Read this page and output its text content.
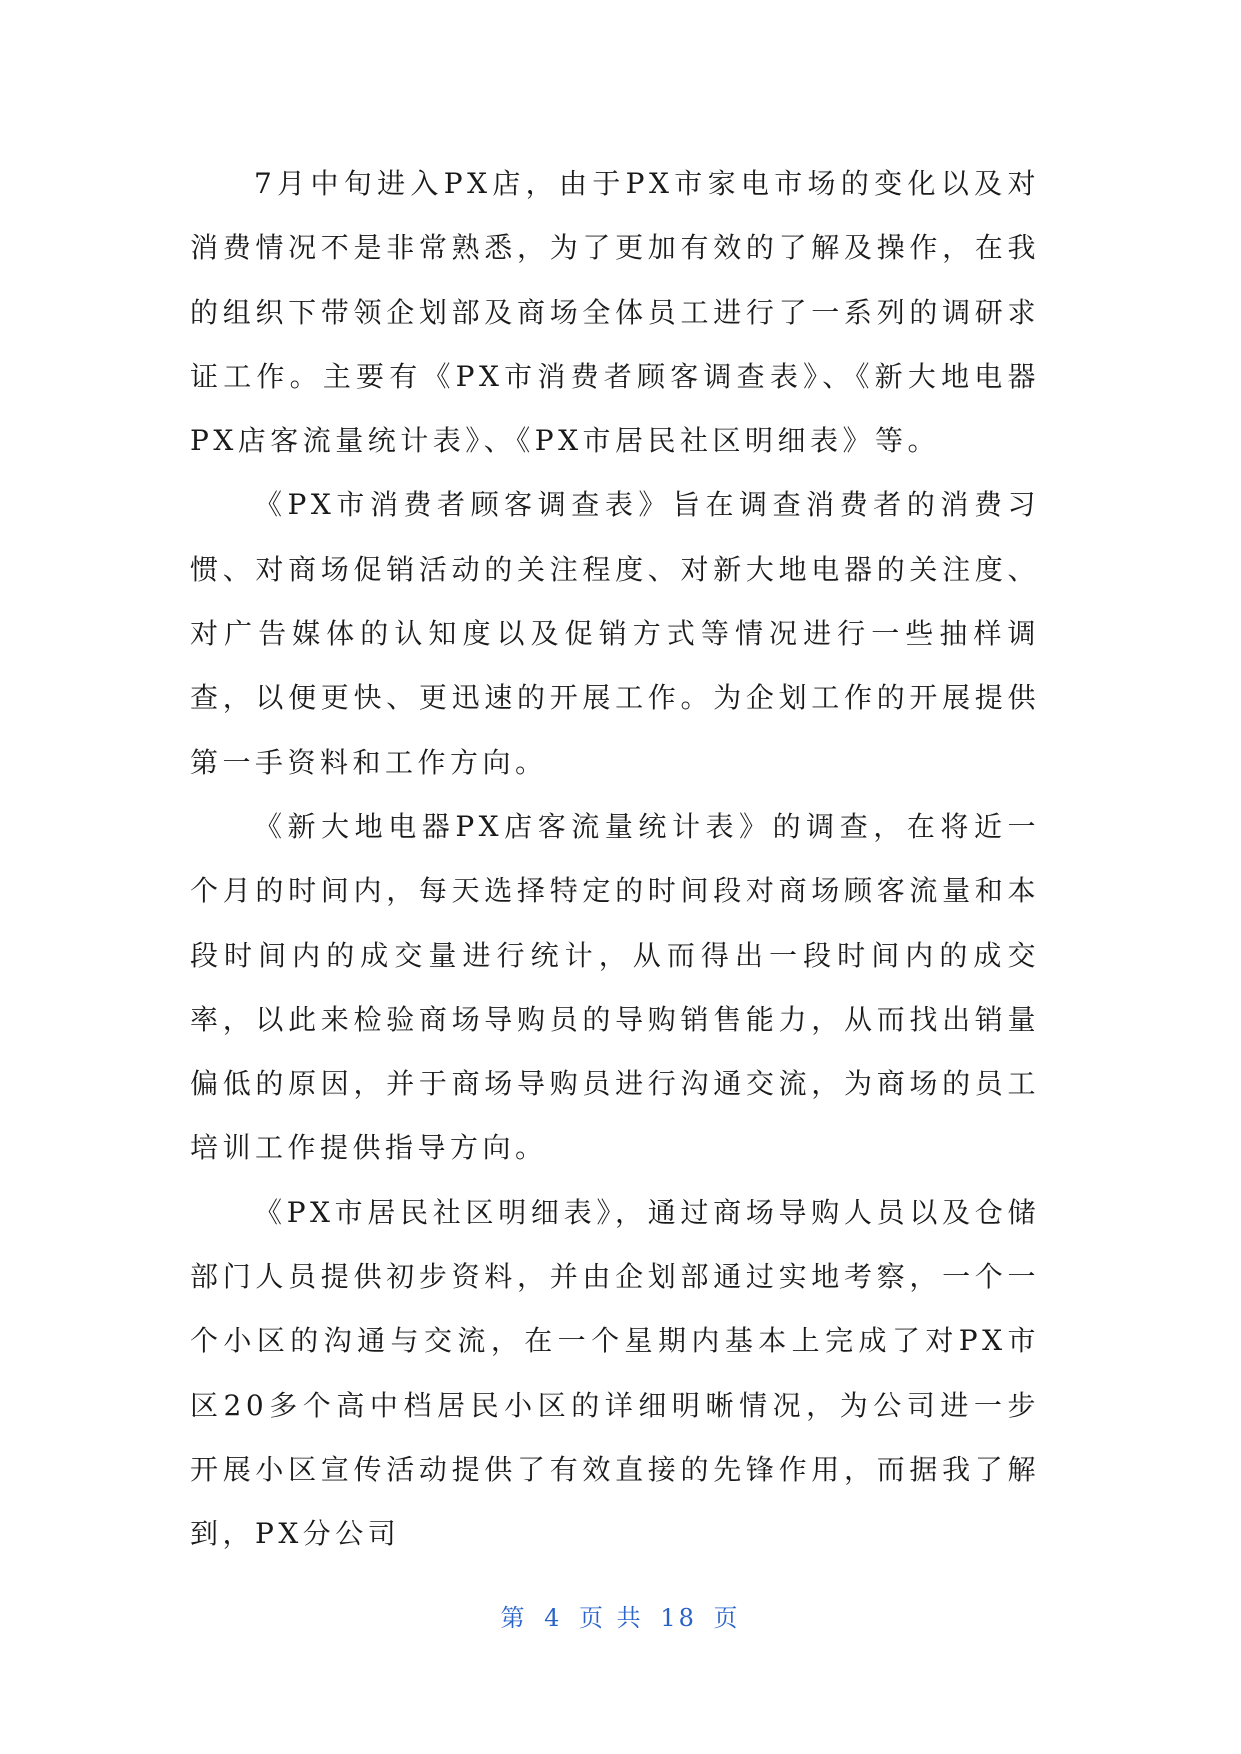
7月中旬进入PX店，由于PX市家电市场的变化以及对消费情况不是非常熟悉，为了更加有效的了解及操作，在我的组织下带领企划部及商场全体员工进行了一系列的调研求证工作。主要有《PX市消费者顾客调查表》、《新大地电器PX店客流量统计表》、《PX市居民社区明细表》等。

《PX市消费者顾客调查表》旨在调查消费者的消费习惯、对商场促销活动的关注程度、对新大地电器的关注度、对广告媒体的认知度以及促销方式等情况进行一些抽样调查，以便更快、更迅速的开展工作。为企划工作的开展提供第一手资料和工作方向。

《新大地电器PX店客流量统计表》的调查，在将近一个月的时间内，每天选择特定的时间段对商场顾客流量和本段时间内的成交量进行统计，从而得出一段时间内的成交率，以此来检验商场导购员的导购销售能力，从而找出销量偏低的原因，并于商场导购员进行沟通交流，为商场的员工培训工作提供指导方向。

《PX市居民社区明细表》，通过商场导购人员以及仓储部门人员提供初步资料，并由企划部通过实地考察，一个一个小区的沟通与交流，在一个星期内基本上完成了对PX市区20多个高中档居民小区的详细明晰情况，为公司进一步开展小区宣传活动提供了有效直接的先锋作用，而据我了解到，PX分公司

第 4 页 共 18 页
